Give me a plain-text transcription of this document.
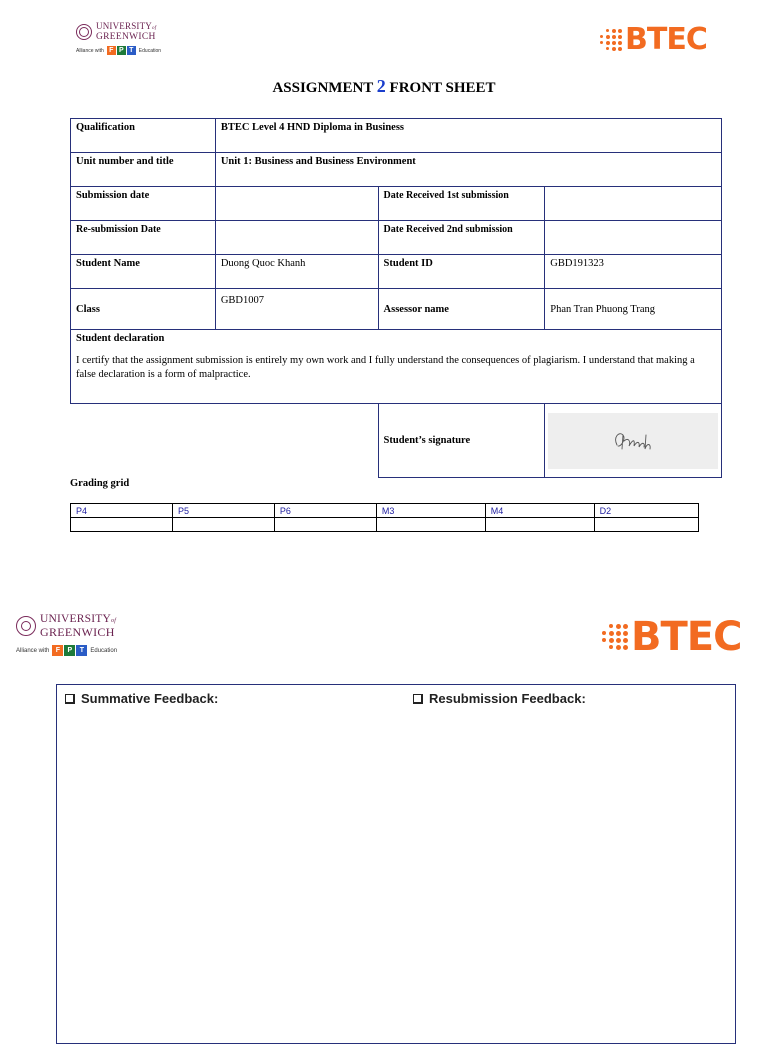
UNIVERSITYof
GREENWICH
Alliance with F P T	Education	BTEC
ASSIGNMENT 2 FRONT SHEET
Qualification	BTEC Level 4 HND Diploma in Business		
Unit number and title	Unit 1: Business and Business Environment		
Submission date		Date Received 1st submission	
Re-submission Date		Date Received 2nd submission	
Student Name	Duong Quoc Khanh	Student ID	GBD191323
Class	GBD1007	Assessor name	Phan Tran Phuong Trang

Student declaration
I certify that the assignment submission is entirely my own work and I fully understand the consequences of plagiarism. I understand that making a false declaration is a form of malpractice.			

		Student’s signature	
Grading grid
P4	P5	P6	M3	M4	D2

UNIVERSITYof
GREENWICH
Alliance with F	P	T	Education	BTEC
Summative Feedback:	Resubmission Feedback:
